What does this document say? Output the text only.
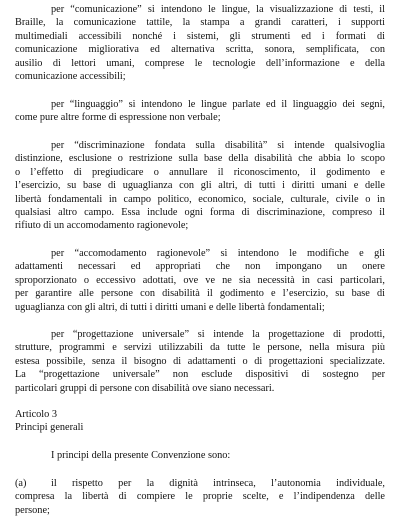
per “comunicazione” si intendono le lingue, la visualizzazione di testi, il
Braille, la comunicazione tattile, la stampa a grandi caratteri, i supporti
multimediali accessibili nonché i sistemi, gli strumenti ed i formati di
comunicazione migliorativa ed alternativa scritta, sonora, semplificata, con
ausilio di lettori umani, comprese le tecnologie dell’informazione e della
comunicazione accessibili;

per “linguaggio” si intendono le lingue parlate ed il linguaggio dei segni,
come pure altre forme di espressione non verbale;

per “discriminazione fondata sulla disabilità” si intende qualsivoglia
distinzione, esclusione o restrizione sulla base della disabilità che abbia lo scopo
o l’effetto di pregiudicare o annullare il riconoscimento, il godimento e
l’esercizio, su base di uguaglianza con gli altri, di tutti i diritti umani e delle
libertà fondamentali in campo politico, economico, sociale, culturale, civile o in
qualsiasi altro campo. Essa include ogni forma di discriminazione, compreso il
rifiuto di un accomodamento ragionevole;

per “accomodamento ragionevole” si intendono le modifiche e gli
adattamenti necessari ed appropriati che non impongano un onere
sproporzionato o eccessivo adottati, ove ve ne sia necessità in casi particolari,
per garantire alle persone con disabilità il godimento e l’esercizio, su base di
uguaglianza con gli altri, di tutti i diritti umani e delle libertà fondamentali;

per “progettazione universale” si intende la progettazione di prodotti,
strutture, programmi e servizi utilizzabili da tutte le persone, nella misura più
estesa possibile, senza il bisogno di adattamenti o di progettazioni specializzate.
La “progettazione universale” non esclude dispositivi di sostegno per
particolari gruppi di persone con disabilità ove siano necessari.

Articolo 3
Principi generali

I principi della presente Convenzione sono:

(a) il rispetto per la dignità intrinseca, l’autonomia individuale,
compresa la libertà di compiere le proprie scelte, e l’indipendenza delle
persone;
